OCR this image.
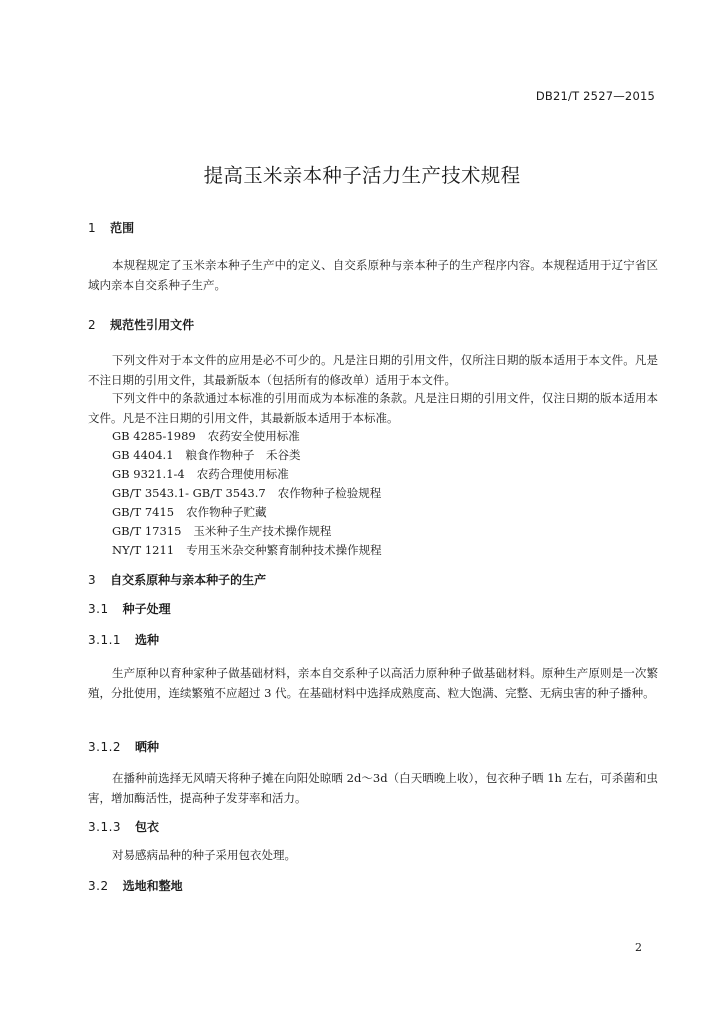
DB21/T 2527—2015
提高玉米亲本种子活力生产技术规程
1 范围
本规程规定了玉米亲本种子生产中的定义、自交系原种与亲本种子的生产程序内容。本规程适用于辽宁省区域内亲本自交系种子生产。
2 规范性引用文件
下列文件对于本文件的应用是必不可少的。凡是注日期的引用文件，仅所注日期的版本适用于本文件。凡是不注日期的引用文件，其最新版本（包括所有的修改单）适用于本文件。
下列文件中的条款通过本标准的引用而成为本标准的条款。凡是注日期的引用文件，仅注日期的版本适用本文件。凡是不注日期的引用文件，其最新版本适用于本标准。
GB 4285-1989 农药安全使用标准
GB 4404.1 粮食作物种子　禾谷类
GB 9321.1-4 农药合理使用标准
GB/T 3543.1- GB/T 3543.7 农作物种子检验规程
GB/T 7415 农作物种子贮藏
GB/T 17315 玉米种子生产技术操作规程
NY/T 1211 专用玉米杂交种繁育制种技术操作规程
3 自交系原种与亲本种子的生产
3.1 种子处理
3.1.1 选种
生产原种以育种家种子做基础材料，亲本自交系种子以高活力原种种子做基础材料。原种生产原则是一次繁殖，分批使用，连续繁殖不应超过 3 代。在基础材料中选择成熟度高、粒大饱满、完整、无病虫害的种子播种。
3.1.2 晒种
在播种前选择无风晴天将种子摊在向阳处晾晒 2d～3d（白天晒晚上收），包衣种子晒 1h 左右，可杀菌和虫害，增加酶活性，提高种子发芽率和活力。
3.1.3 包衣
对易感病品种的种子采用包衣处理。
3.2 选地和整地
2
